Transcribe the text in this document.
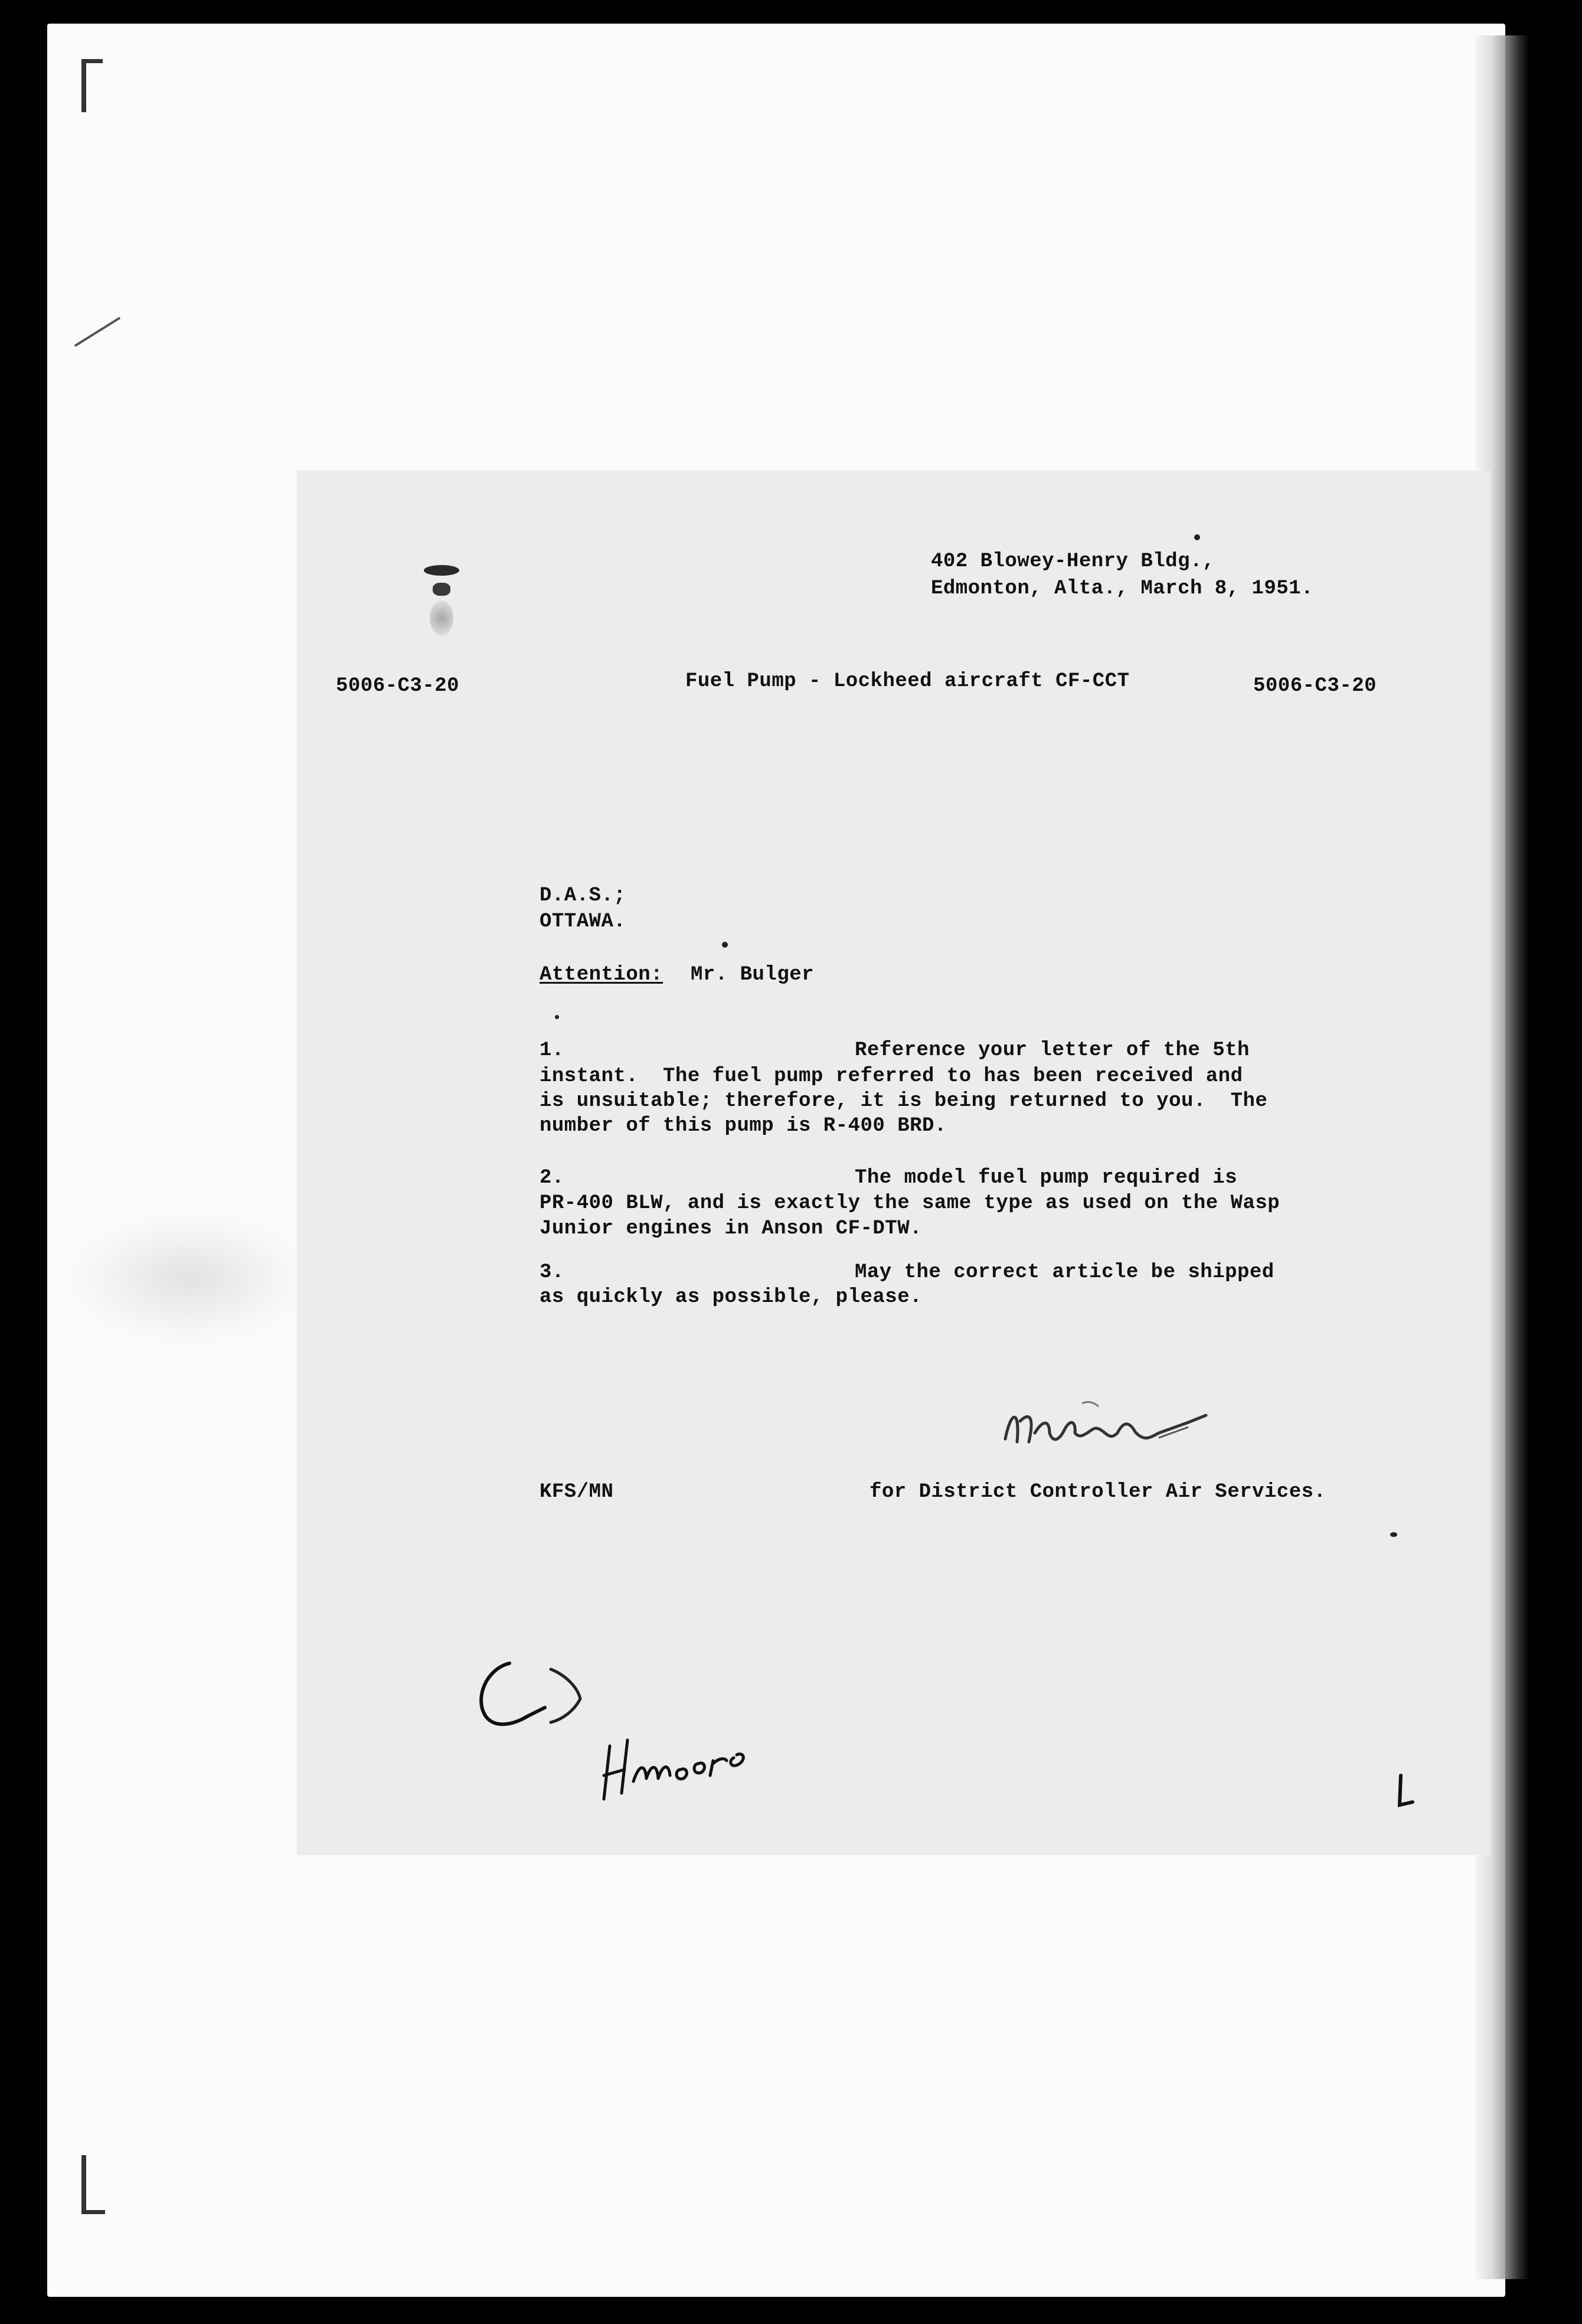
402 Blowey-Henry Bldg.,
Edmonton, Alta., March 8, 1951.
5006-C3-20	Fuel Pump - Lockheed aircraft CF-CCT	5006-C3-20
D.A.S.;
OTTAWA.
Attention: Mr. Bulger
1.	Reference your letter of the 5th
instant.  The fuel pump referred to has been received and
is unsuitable; therefore, it is being returned to you.  The
number of this pump is R-400 BRD.
2.	The model fuel pump required is
PR-400 BLW, and is exactly the same type as used on the Wasp
Junior engines in Anson CF-DTW.
3.	May the correct article be shipped
as quickly as possible, please.
KFS/MN	for District Controller Air Services.
